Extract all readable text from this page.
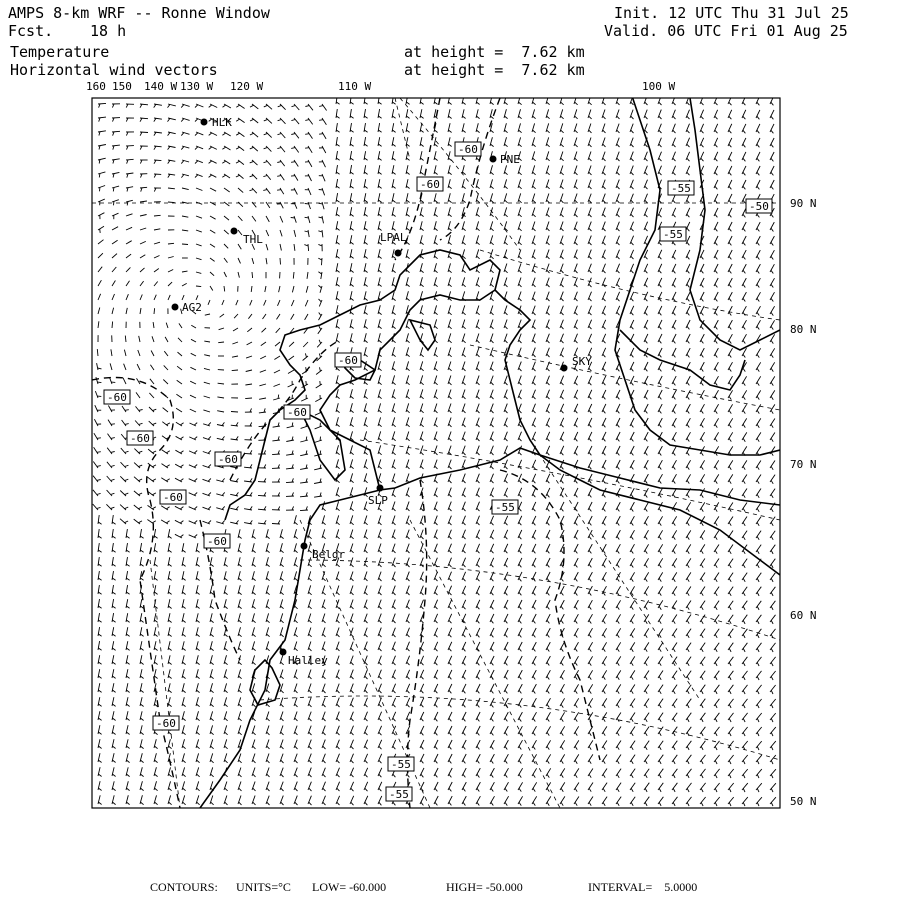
AMPS 8-km WRF -- Ronne Window
Fcst. 18 h
Temperature
Horizontal wind vectors
at height =  7.62 km
at height =  7.62 km
Init. 12 UTC Thu 31 Jul 25
Valid. 06 UTC Fri 01 Aug 25
160 150 140 W 130 W 120 W	110 W	100 W
90 N
80 N
70 N
60 N
50 N
HLK
PNE
THL	LPAL
AG2
SKY
SLP
Belgr
Halley
-60
-60	-55
-55
-50
-60
-60
-60
-60
-60
-60
-60
-60
-55
-55
-55
CONTOURS: UNITS=°C LOW= -60.000	HIGH= -50.000	INTERVAL=    5.0000
